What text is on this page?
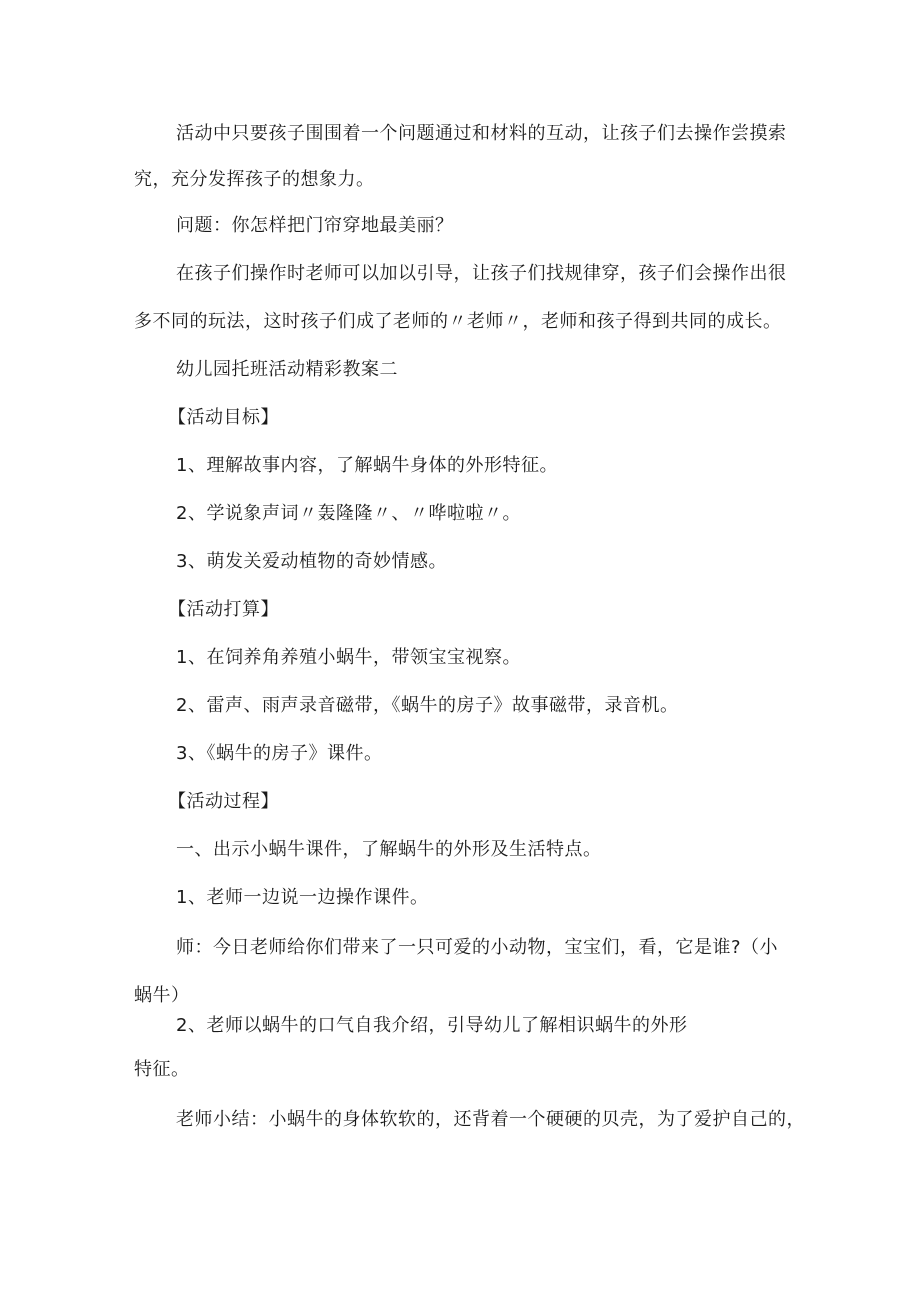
活动中只要孩子围围着一个问题通过和材料的互动，让孩子们去操作尝摸索
究，充分发挥孩子的想象力。
问题：你怎样把门帘穿地最美丽？
在孩子们操作时老师可以加以引导，让孩子们找规律穿，孩子们会操作出很
多不同的玩法，这时孩子们成了老师的〃老师〃，老师和孩子得到共同的成长。
幼儿园托班活动精彩教案二
【活动目标】
1、理解故事内容，了解蜗牛身体的外形特征。
2、学说象声词〃轰隆隆〃、〃哗啦啦〃。
3、萌发关爱动植物的奇妙情感。
【活动打算】
1、在饲养角养殖小蜗牛，带领宝宝视察。
2、雷声、雨声录音磁带，《蜗牛的房子》故事磁带，录音机。
3、《蜗牛的房子》课件。
【活动过程】
一、出示小蜗牛课件，了解蜗牛的外形及生活特点。
1、老师一边说一边操作课件。
师：今日老师给你们带来了一只可爱的小动物，宝宝们，看，它是谁?（小
蜗牛）
2、老师以蜗牛的口气自我介绍，引导幼儿了解相识蜗牛的外形
特征。
老师小结：小蜗牛的身体软软的，还背着一个硬硬的贝壳，为了爱护自己的，
